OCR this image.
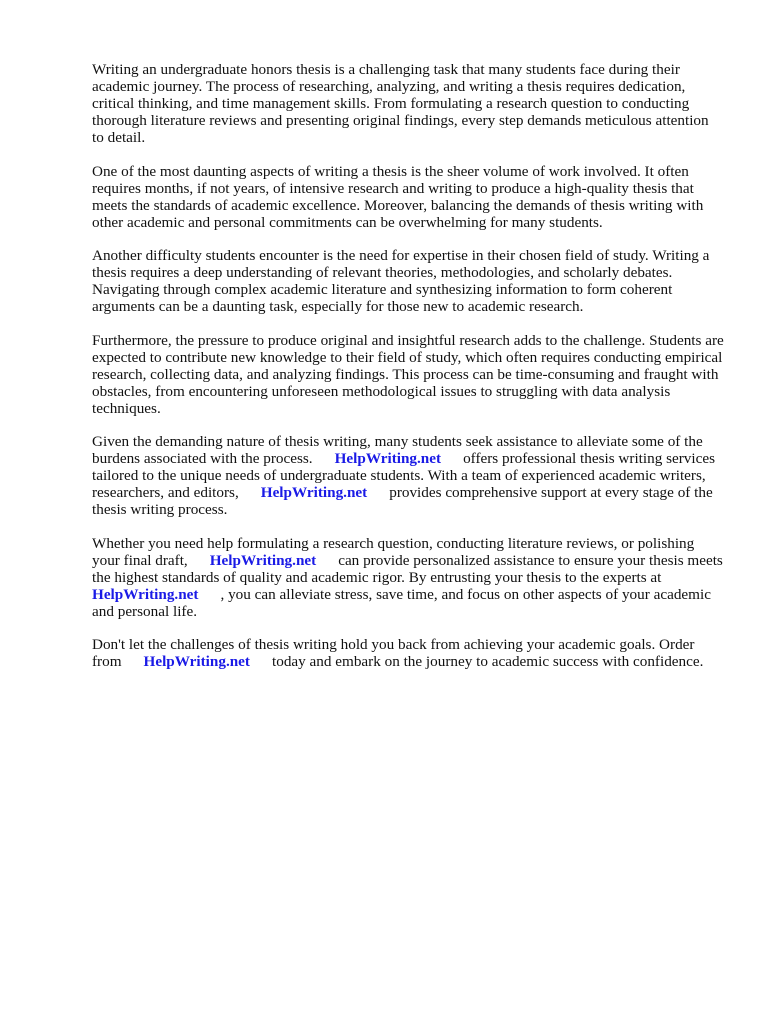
Writing an undergraduate honors thesis is a challenging task that many students face during their academic journey. The process of researching, analyzing, and writing a thesis requires dedication, critical thinking, and time management skills. From formulating a research question to conducting thorough literature reviews and presenting original findings, every step demands meticulous attention to detail.

One of the most daunting aspects of writing a thesis is the sheer volume of work involved. It often requires months, if not years, of intensive research and writing to produce a high-quality thesis that meets the standards of academic excellence. Moreover, balancing the demands of thesis writing with other academic and personal commitments can be overwhelming for many students.

Another difficulty students encounter is the need for expertise in their chosen field of study. Writing a thesis requires a deep understanding of relevant theories, methodologies, and scholarly debates. Navigating through complex academic literature and synthesizing information to form coherent arguments can be a daunting task, especially for those new to academic research.

Furthermore, the pressure to produce original and insightful research adds to the challenge. Students are expected to contribute new knowledge to their field of study, which often requires conducting empirical research, collecting data, and analyzing findings. This process can be time-consuming and fraught with obstacles, from encountering unforeseen methodological issues to struggling with data analysis techniques.

Given the demanding nature of thesis writing, many students seek assistance to alleviate some of the burdens associated with the process. HelpWriting.net offers professional thesis writing services tailored to the unique needs of undergraduate students. With a team of experienced academic writers, researchers, and editors, HelpWriting.net provides comprehensive support at every stage of the thesis writing process.

Whether you need help formulating a research question, conducting literature reviews, or polishing your final draft, HelpWriting.net can provide personalized assistance to ensure your thesis meets the highest standards of quality and academic rigor. By entrusting your thesis to the experts atHelpWriting.net , you can alleviate stress, save time, and focus on other aspects of your academic and personal life.

Don't let the challenges of thesis writing hold you back from achieving your academic goals. Order from HelpWriting.net today and embark on the journey to academic success with confidence.
